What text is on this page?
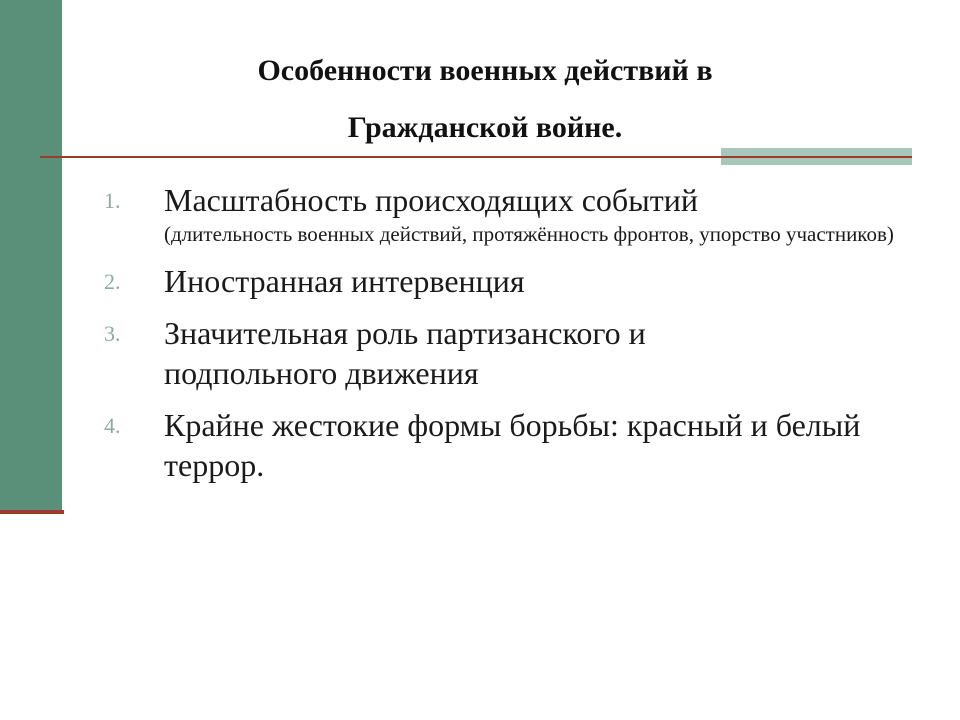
Особенности военных действий в
Гражданской войне.
1.	Масштабность происходящих событий
(длительность военных действий, протяжённость фронтов, упорство участников)
2.	Иностранная интервенция
3.	Значительная роль партизанского и подпольного движения
4.	Крайне жестокие формы борьбы: красный и белый террор.
